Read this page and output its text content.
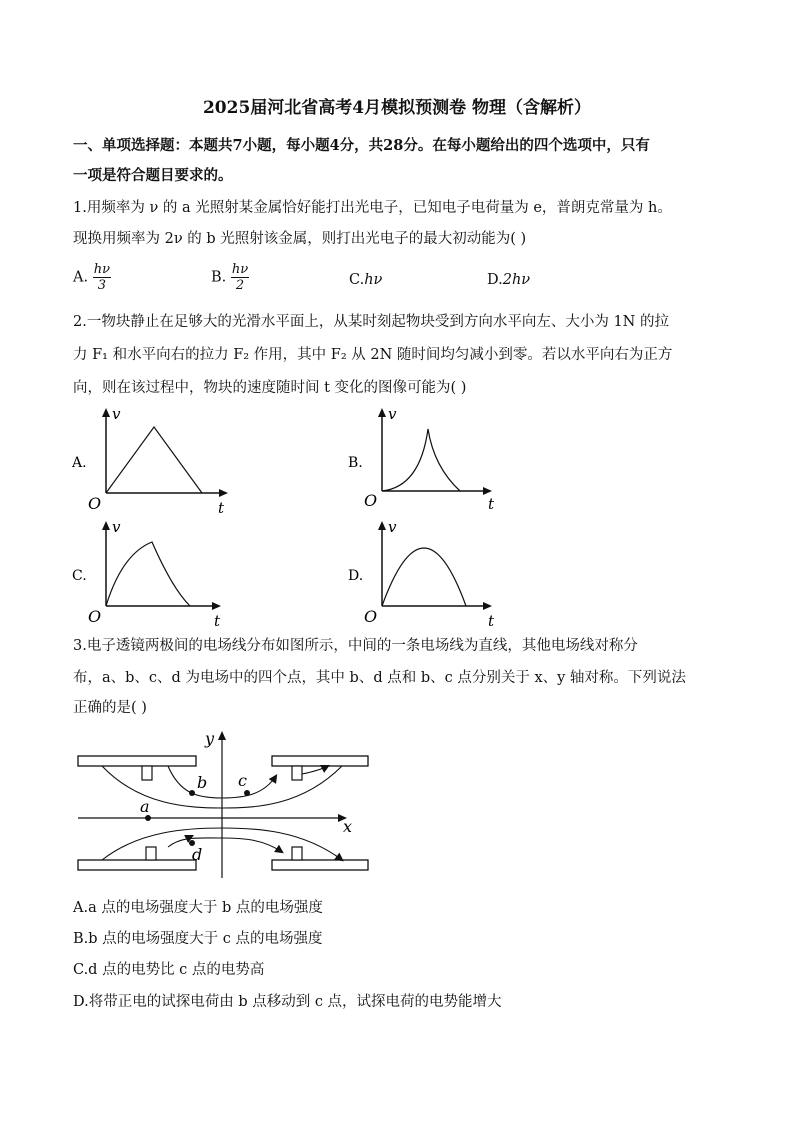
2025届河北省高考4月模拟预测卷 物理（含解析）
一、单项选择题：本题共7小题，每小题4分，共28分。在每小题给出的四个选项中，只有
一项是符合题目要求的。
1.用频率为 ν 的 a 光照射某金属恰好能打出光电子，已知电子电荷量为 e，普朗克常量为 h。
现换用频率为 2ν 的 b 光照射该金属，则打出光电子的最大初动能为( )
A. $\frac{h\nu}{3}$	B. $\frac{h\nu}{2}$	C.hν	D.2hν
2.一物块静止在足够大的光滑水平面上，从某时刻起物块受到方向水平向左、大小为 1N 的拉
力 F₁ 和水平向右的拉力 F₂ 作用，其中 F₂ 从 2N 随时间均匀减小到零。若以水平向右为正方
向，则在该过程中，物块的速度随时间 t 变化的图像可能为( )
A.
v
O	t
B.
v
O	t
C.
v
O	t
D.
v
O	t
3.电子透镜两极间的电场线分布如图所示，中间的一条电场线为直线，其他电场线对称分
布，a、b、c、d 为电场中的四个点，其中 b、d 点和 b、c 点分别关于 x、y 轴对称。下列说法
正确的是( )
y
x
a
b c
d
A.a 点的电场强度大于 b 点的电场强度
B.b 点的电场强度大于 c 点的电场强度
C.d 点的电势比 c 点的电势高
D.将带正电的试探电荷由 b 点移动到 c 点，试探电荷的电势能增大
